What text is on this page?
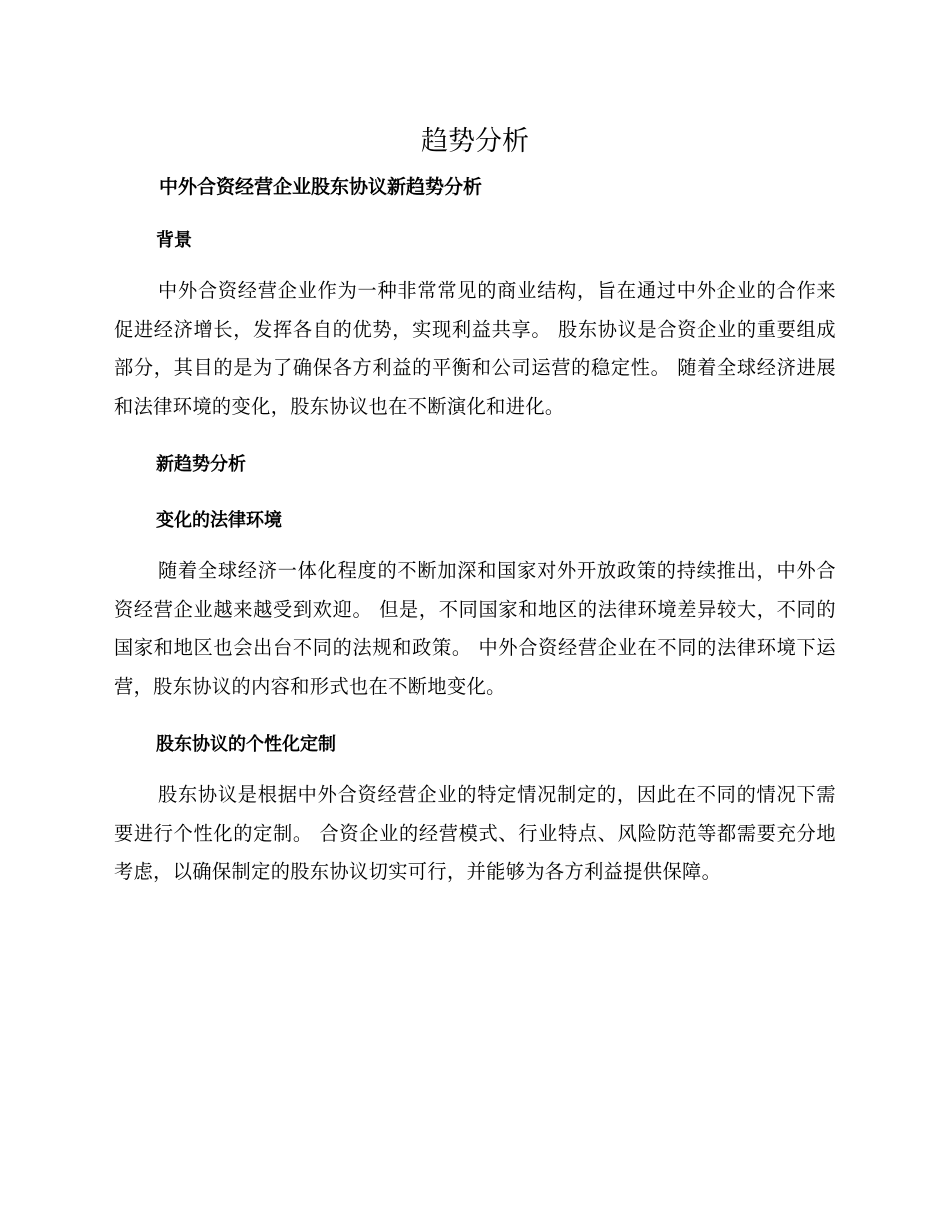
趋势分析

中外合资经营企业股东协议新趋势分析

背景

中外合资经营企业作为一种非常常见的商业结构，旨在通过中外企业的合作来促进经济增长，发挥各自的优势，实现利益共享。 股东协议是合资企业的重要组成部分，其目的是为了确保各方利益的平衡和公司运营的稳定性。 随着全球经济进展和法律环境的变化，股东协议也在不断演化和进化。

新趋势分析
变化的法律环境

随着全球经济一体化程度的不断加深和国家对外开放政策的持续推出，中外合资经营企业越来越受到欢迎。 但是，不同国家和地区的法律环境差异较大，不同的国家和地区也会出台不同的法规和政策。 中外合资经营企业在不同的法律环境下运营，股东协议的内容和形式也在不断地变化。

股东协议的个性化定制

股东协议是根据中外合资经营企业的特定情况制定的，因此在不同的情况下需要进行个性化的定制。 合资企业的经营模式、行业特点、风险防范等都需要充分地考虑，以确保制定的股东协议切实可行，并能够为各方利益提供保障。
